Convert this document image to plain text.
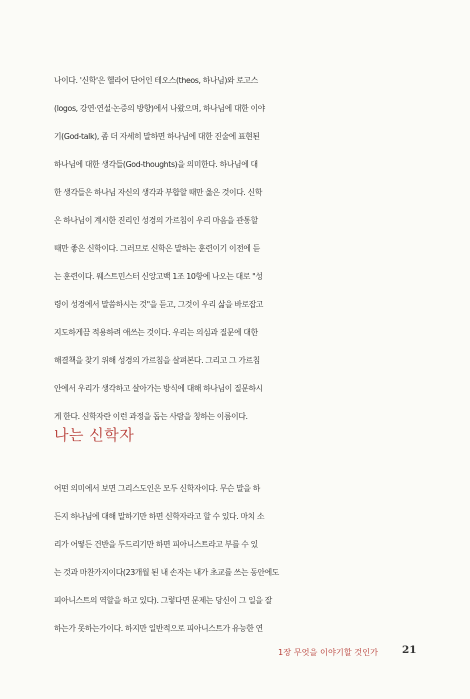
나이다. '신학'은 헬라어 단어인 테오스(theos, 하나님)와 로고스
(logos, 강연·연설·논증의 방향)에서 나왔으며, 하나님에 대한 이야
기(God-talk), 좀 더 자세히 말하면 하나님에 대한 진술에 표현된
하나님에 대한 생각들(God-thoughts)을 의미한다. 하나님에 대
한 생각들은 하나님 자신의 생각과 부합할 때만 옳은 것이다. 신학
은 하나님이 계시한 진리인 성경의 가르침이 우리 마음을 관통할
때만 좋은 신학이다. 그러므로 신학은 말하는 훈련이기 이전에 듣
는 훈련이다. 웨스트민스터 신앙고백 1조 10항에 나오는 대로 "성
령이 성경에서 말씀하시는 것"을 듣고, 그것이 우리 삶을 바로잡고
지도하게끔 적용하려 애쓰는 것이다. 우리는 의심과 질문에 대한
해결책을 찾기 위해 성경의 가르침을 살펴본다. 그리고 그 가르침
안에서 우리가 생각하고 살아가는 방식에 대해 하나님이 질문하시
게 한다. 신학자란 이런 과정을 돕는 사람을 칭하는 이름이다.

나는 신학자

어떤 의미에서 보면 그리스도인은 모두 신학자이다. 무슨 말을 하
든지 하나님에 대해 말하기만 하면 신학자라고 할 수 있다. 마치 소
리가 어떻든 건반을 두드리기만 하면 피아니스트라고 부를 수 있
는 것과 마찬가지이다(23개월 된 내 손자는 내가 초교를 쓰는 동안에도
피아니스트의 역할을 하고 있다). 그렇다면 문제는 당신이 그 일을 잘
하는가 못하는가이다. 하지만 일반적으로 피아니스트가 유능한 연

1장 무엇을 이야기할 것인가 21
